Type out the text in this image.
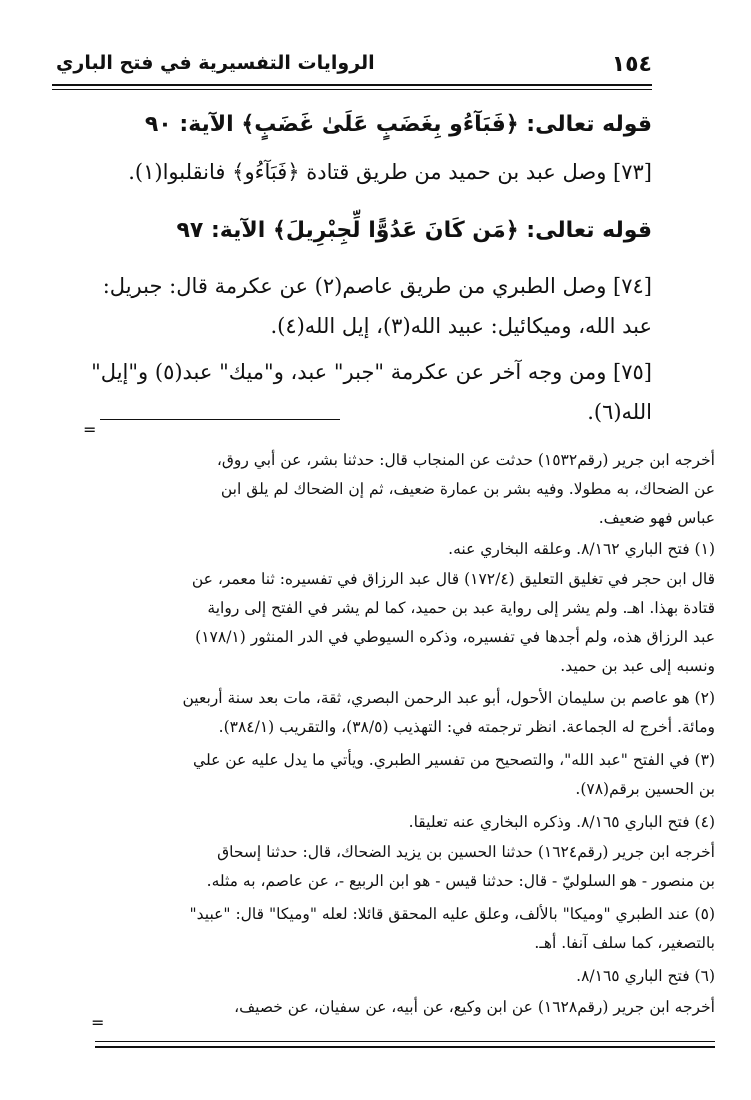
١٥٤
الروايات التفسيرية في فتح الباري
قوله تعالى: ﴿فَبَآءُو بِغَضَبٍ عَلَىٰ غَضَبٍ﴾ الآية: ٩٠
[٧٣] وصل عبد بن حميد من طريق قتادة ﴿فَبَآءُو﴾ فانقلبوا(١).
قوله تعالى: ﴿مَن كَانَ عَدُوًّا لِّجِبْرِيلَ﴾ الآية: ٩٧
[٧٤] وصل الطبري من طريق عاصم(٢) عن عكرمة قال: جبريل:
عبد الله، وميكائيل: عبيد الله(٣)، إيل الله(٤).
[٧٥] ومن وجه آخر عن عكرمة "جبر" عبد، و"ميك" عبد(٥) و"إيل" الله(٦).
=
أخرجه ابن جرير (رقم١٥٣٢) حدثت عن المنجاب قال: حدثنا بشر، عن أبي روق،
عن الضحاك، به مطولا. وفيه بشر بن عمارة ضعيف، ثم إن الضحاك لم يلق ابن
عباس فهو ضعيف.
(١) فتح الباري ٨/١٦٢. وعلقه البخاري عنه.
قال ابن حجر في تغليق التعليق (١٧٢/٤) قال عبد الرزاق في تفسيره: ثنا معمر، عن
قتادة بهذا. اهـ. ولم يشر إلى رواية عبد بن حميد، كما لم يشر في الفتح إلى رواية
عبد الرزاق هذه، ولم أجدها في تفسيره، وذكره السيوطي في الدر المنثور (١٧٨/١)
ونسبه إلى عبد بن حميد.
(٢) هو عاصم بن سليمان الأحول، أبو عبد الرحمن البصري، ثقة، مات بعد سنة أربعين
ومائة. أخرج له الجماعة. انظر ترجمته في: التهذيب (٣٨/٥)، والتقريب (٣٨٤/١).
(٣) في الفتح "عبد الله"، والتصحيح من تفسير الطبري. ويأتي ما يدل عليه عن علي
بن الحسين برقم(٧٨).
(٤) فتح الباري ٨/١٦٥. وذكره البخاري عنه تعليقا.
أخرجه ابن جرير (رقم١٦٢٤) حدثنا الحسين بن يزيد الضحاك، قال: حدثنا إسحاق
بن منصور - هو السلوليّ - قال: حدثنا قيس - هو ابن الربيع -، عن عاصم، به مثله.
(٥) عند الطبري "وميكا" بالألف، وعلق عليه المحقق قائلا: لعله "وميكا" قال: "عبيد"
بالتصغير، كما سلف آنفا. أهـ.
(٦) فتح الباري ٨/١٦٥.
أخرجه ابن جرير (رقم١٦٢٨) عن ابن وكيع، عن أبيه، عن سفيان، عن خصيف،
=
